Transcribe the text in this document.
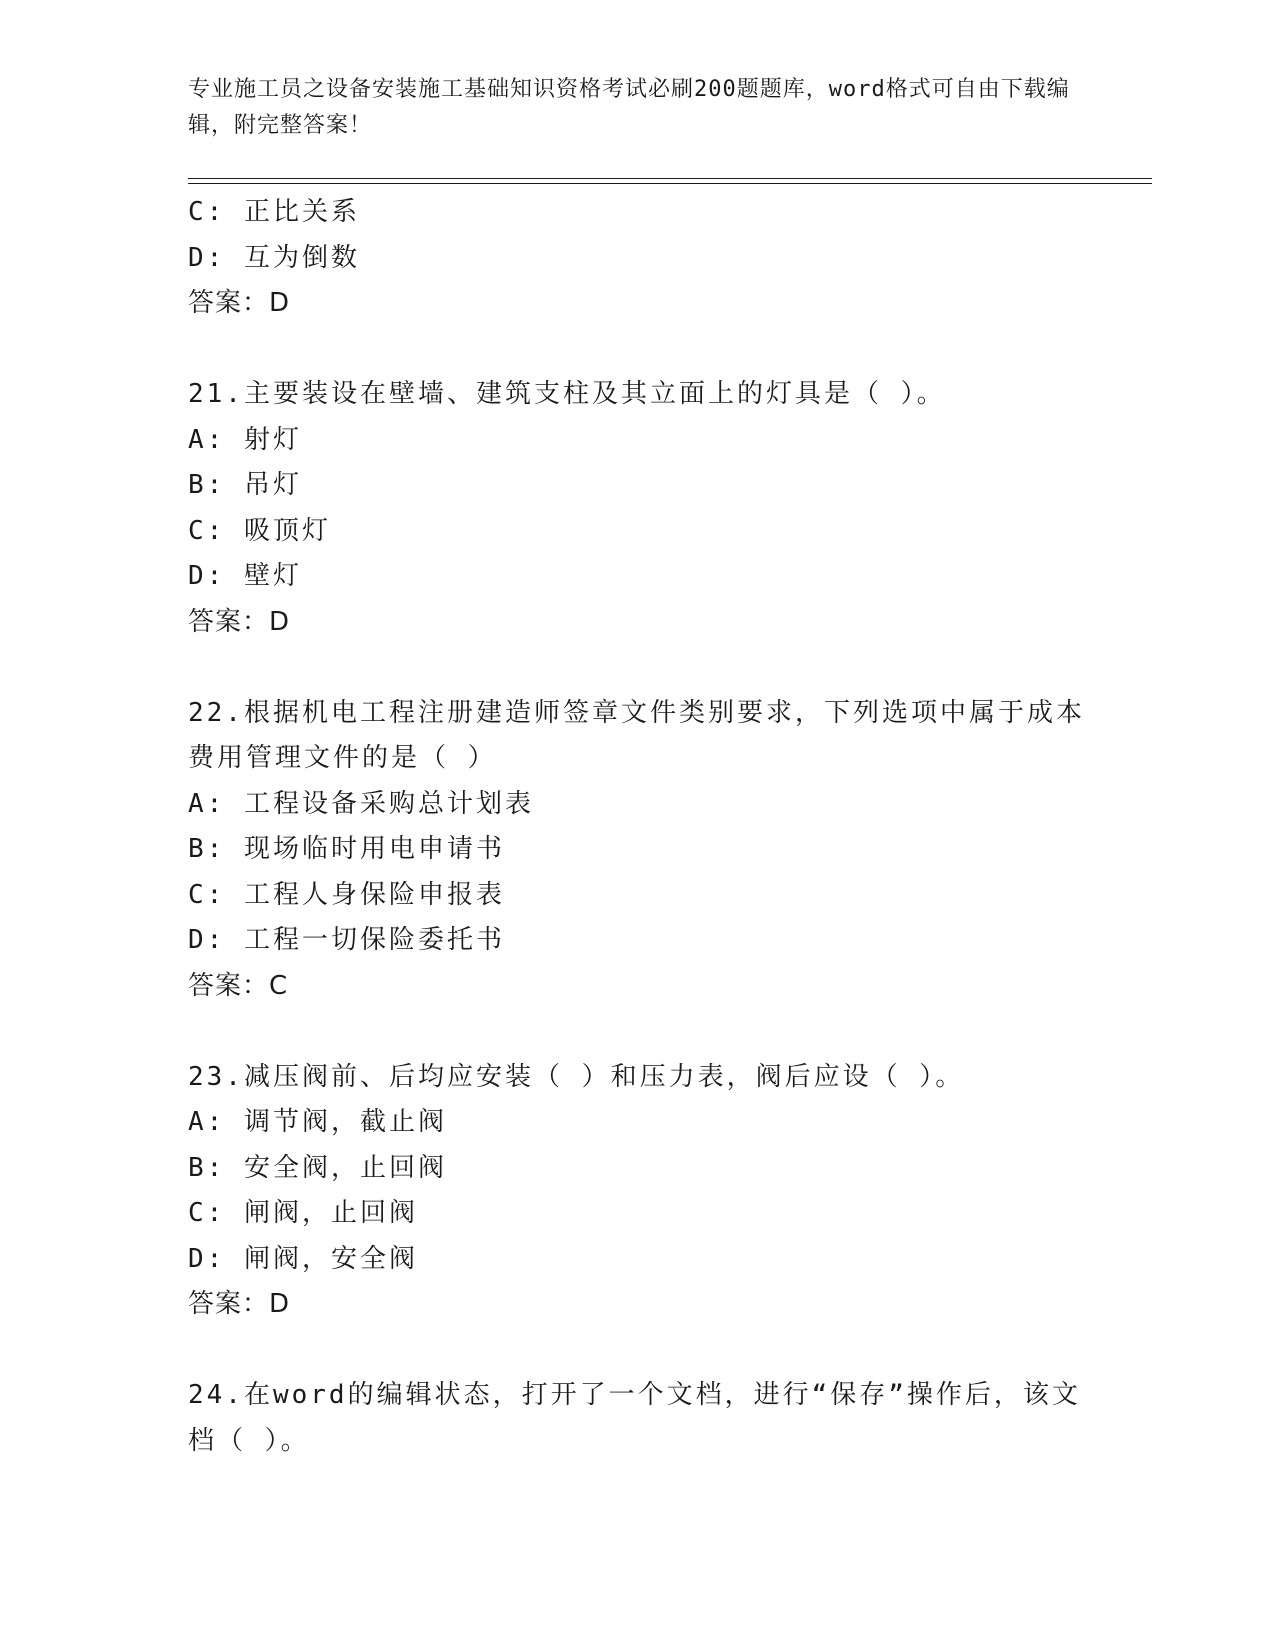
专业施工员之设备安装施工基础知识资格考试必刷200题题库，word格式可自由下载编辑，附完整答案！
C: 正比关系
D: 互为倒数
答案：D
21.主要装设在壁墙、建筑支柱及其立面上的灯具是（ ）。
A: 射灯
B: 吊灯
C: 吸顶灯
D: 壁灯
答案：D
22.根据机电工程注册建造师签章文件类别要求，下列选项中属于成本费用管理文件的是（ ）
A: 工程设备采购总计划表
B: 现场临时用电申请书
C: 工程人身保险申报表
D: 工程一切保险委托书
答案：C
23.减压阀前、后均应安装（ ）和压力表，阀后应设（ ）。
A: 调节阀，截止阀
B: 安全阀，止回阀
C: 闸阀，止回阀
D: 闸阀，安全阀
答案：D
24.在word的编辑状态，打开了一个文档，进行“保存”操作后，该文档（ ）。
